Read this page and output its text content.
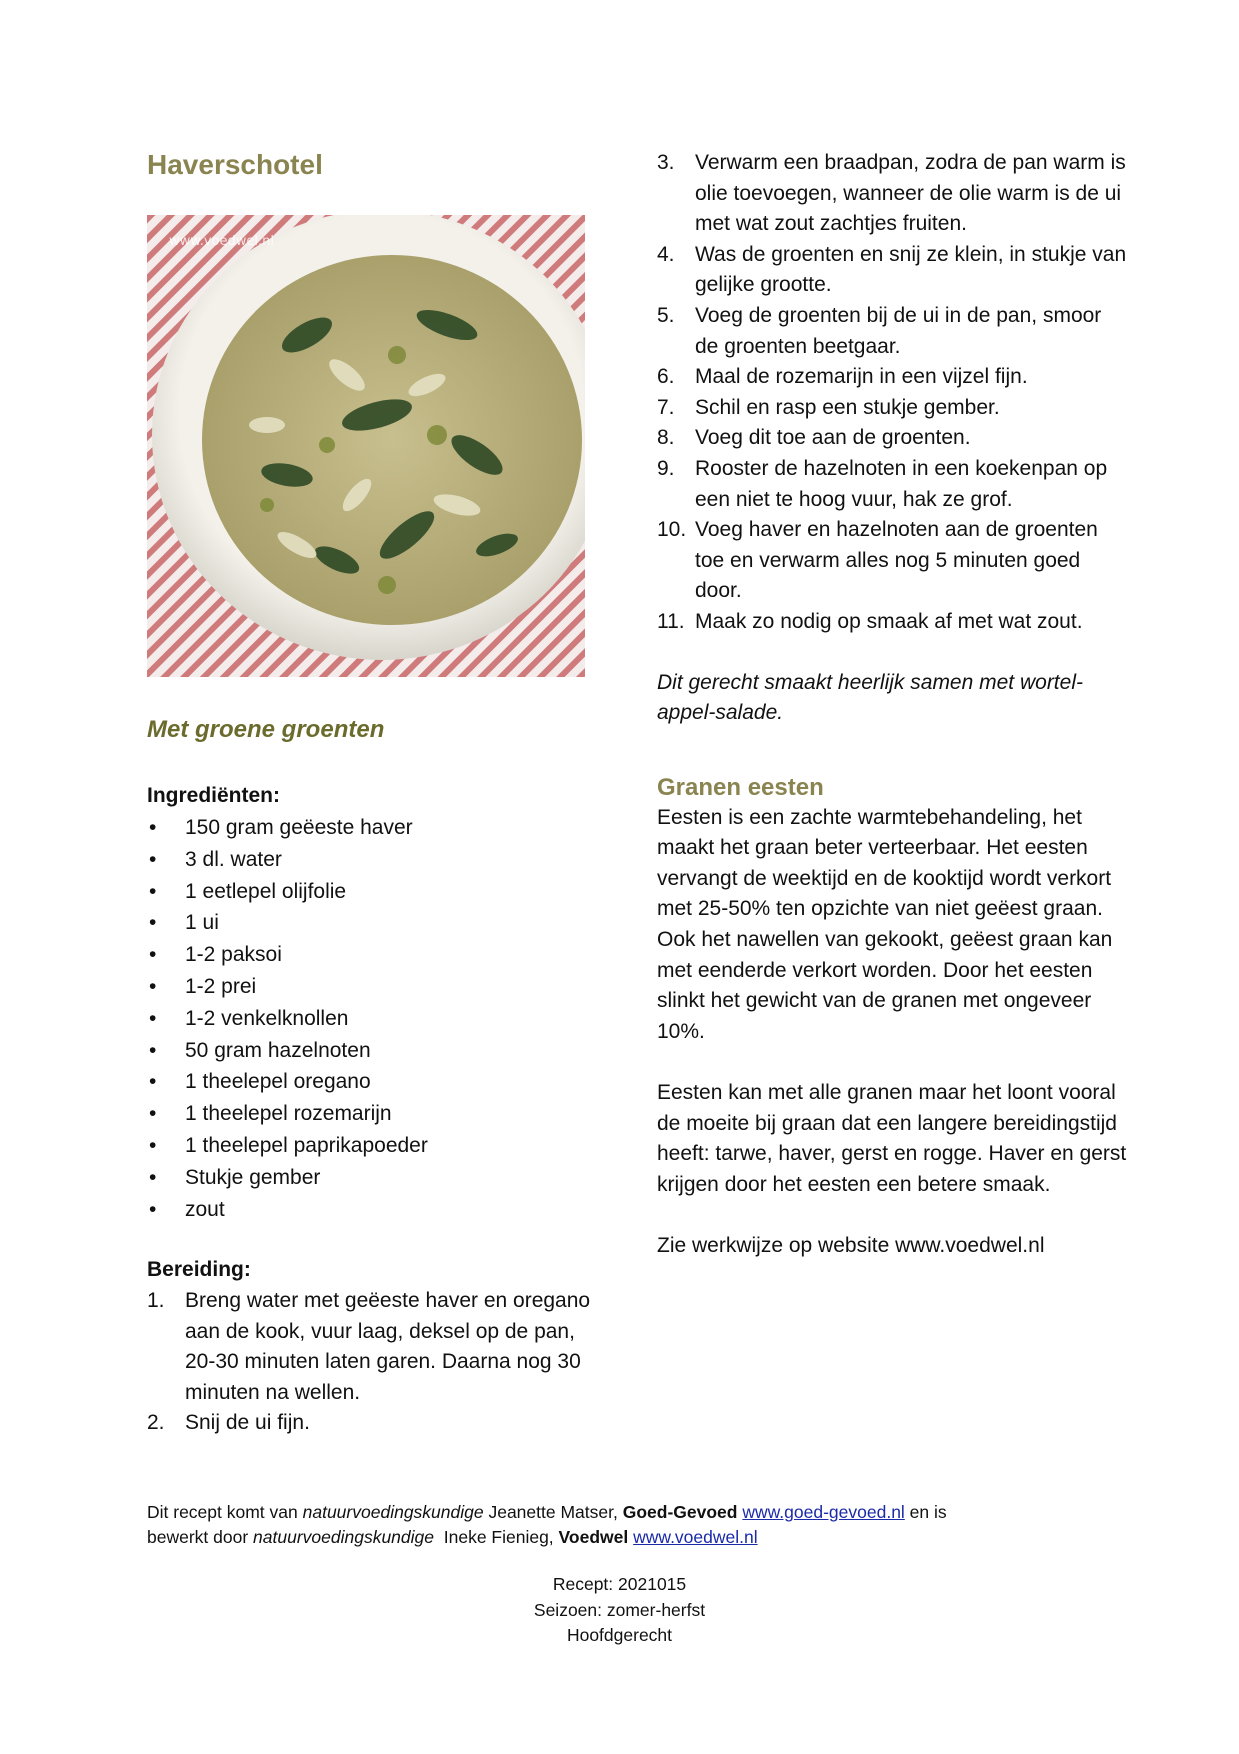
Haverschotel
www.voedwel.nl
Met groene groenten
Ingrediënten:
• 150 gram geëeste haver
• 3 dl. water
• 1 eetlepel olijfolie
• 1 ui
• 1-2 paksoi
• 1-2 prei
• 1-2 venkelknollen
• 50 gram hazelnoten
• 1 theelepel oregano
• 1 theelepel rozemarijn
• 1 theelepel paprikapoeder
• Stukje gember
• zout
Bereiding:
1. Breng water met geëeste haver en oregano aan de kook, vuur laag, deksel op de pan, 20-30 minuten laten garen. Daarna nog 30 minuten na wellen.
2. Snij de ui fijn.
3. Verwarm een braadpan, zodra de pan warm is olie toevoegen, wanneer de olie warm is de ui met wat zout zachtjes fruiten.
4. Was de groenten en snij ze klein, in stukje van gelijke grootte.
5. Voeg de groenten bij de ui in de pan, smoor de groenten beetgaar.
6. Maal de rozemarijn in een vijzel fijn.
7. Schil en rasp een stukje gember.
8. Voeg dit toe aan de groenten.
9. Rooster de hazelnoten in een koekenpan op een niet te hoog vuur, hak ze grof.
10. Voeg haver en hazelnoten aan de groenten toe en verwarm alles nog 5 minuten goed door.
11. Maak zo nodig op smaak af met wat zout.
Dit gerecht smaakt heerlijk samen met wortel-appel-salade.
Granen eesten

Eesten is een zachte warmtebehandeling, het maakt het graan beter verteerbaar. Het eesten vervangt de weektijd en de kooktijd wordt verkort met 25-50% ten opzichte van niet geëest graan. Ook het nawellen van gekookt, geëest graan kan met eenderde verkort worden. Door het eesten slinkt het gewicht van de granen met ongeveer 10%.

Eesten kan met alle granen maar het loont vooral de moeite bij graan dat een langere bereidingstijd heeft: tarwe, haver, gerst en rogge. Haver en gerst krijgen door het eesten een betere smaak.

Zie werkwijze op website www.voedwel.nl

Dit recept komt van natuurvoedingskundige Jeanette Matser, Goed-Gevoed www.goed-gevoed.nl en is
bewerkt door natuurvoedingskundige  Ineke Fienieg, Voedwel www.voedwel.nl
Recept: 2021015
Seizoen: zomer-herfst
Hoofdgerecht
